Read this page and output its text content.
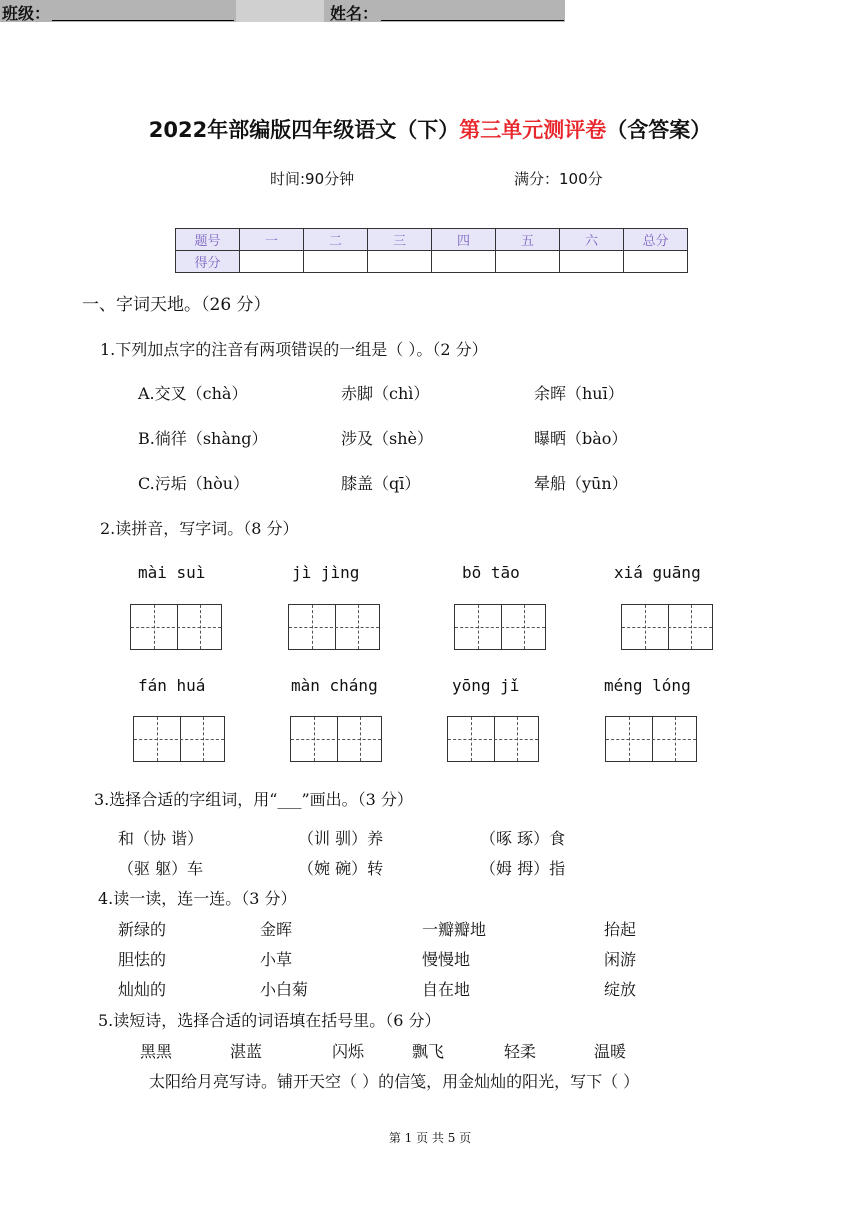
2022年部编版四年级语文（下）第三单元测评卷（含答案）
时间:90分钟	满分：100分
班级：	姓名：
题号	一	二	三	四	五	六	总分
得分							
一、字词天地。（26 分）
1.下列加点字的注音有两项错误的一组是（ ）。（2 分）
A.交叉（chà）	赤脚（chì）	余晖（huī）
B.徜徉（shàng）	涉及（shè）	曝晒（bào）
C.污垢（hòu）	膝盖（qī）	晕船（yūn）
2.读拼音，写字词。（8 分）
mài suì	jì jìng	bō tāo	xiá guāng
fán huá	màn cháng	yōng jǐ	méng lóng
3.选择合适的字组词，用“___”画出。（3 分）
和（协 谐）	（训 驯）养	（啄 琢）食
（驱 躯）车	（婉 碗）转	（姆 拇）指
4.读一读，连一连。（3 分）
新绿的	金晖	一瓣瓣地	抬起
胆怯的	小草	慢慢地	闲游
灿灿的	小白菊	自在地	绽放
5.读短诗，选择合适的词语填在括号里。（6 分）
黑黑	湛蓝	闪烁	飘飞	轻柔	温暖
太阳给月亮写诗。铺开天空（ ）的信笺，用金灿灿的阳光，写下（ ）
第 1 页 共 5 页
